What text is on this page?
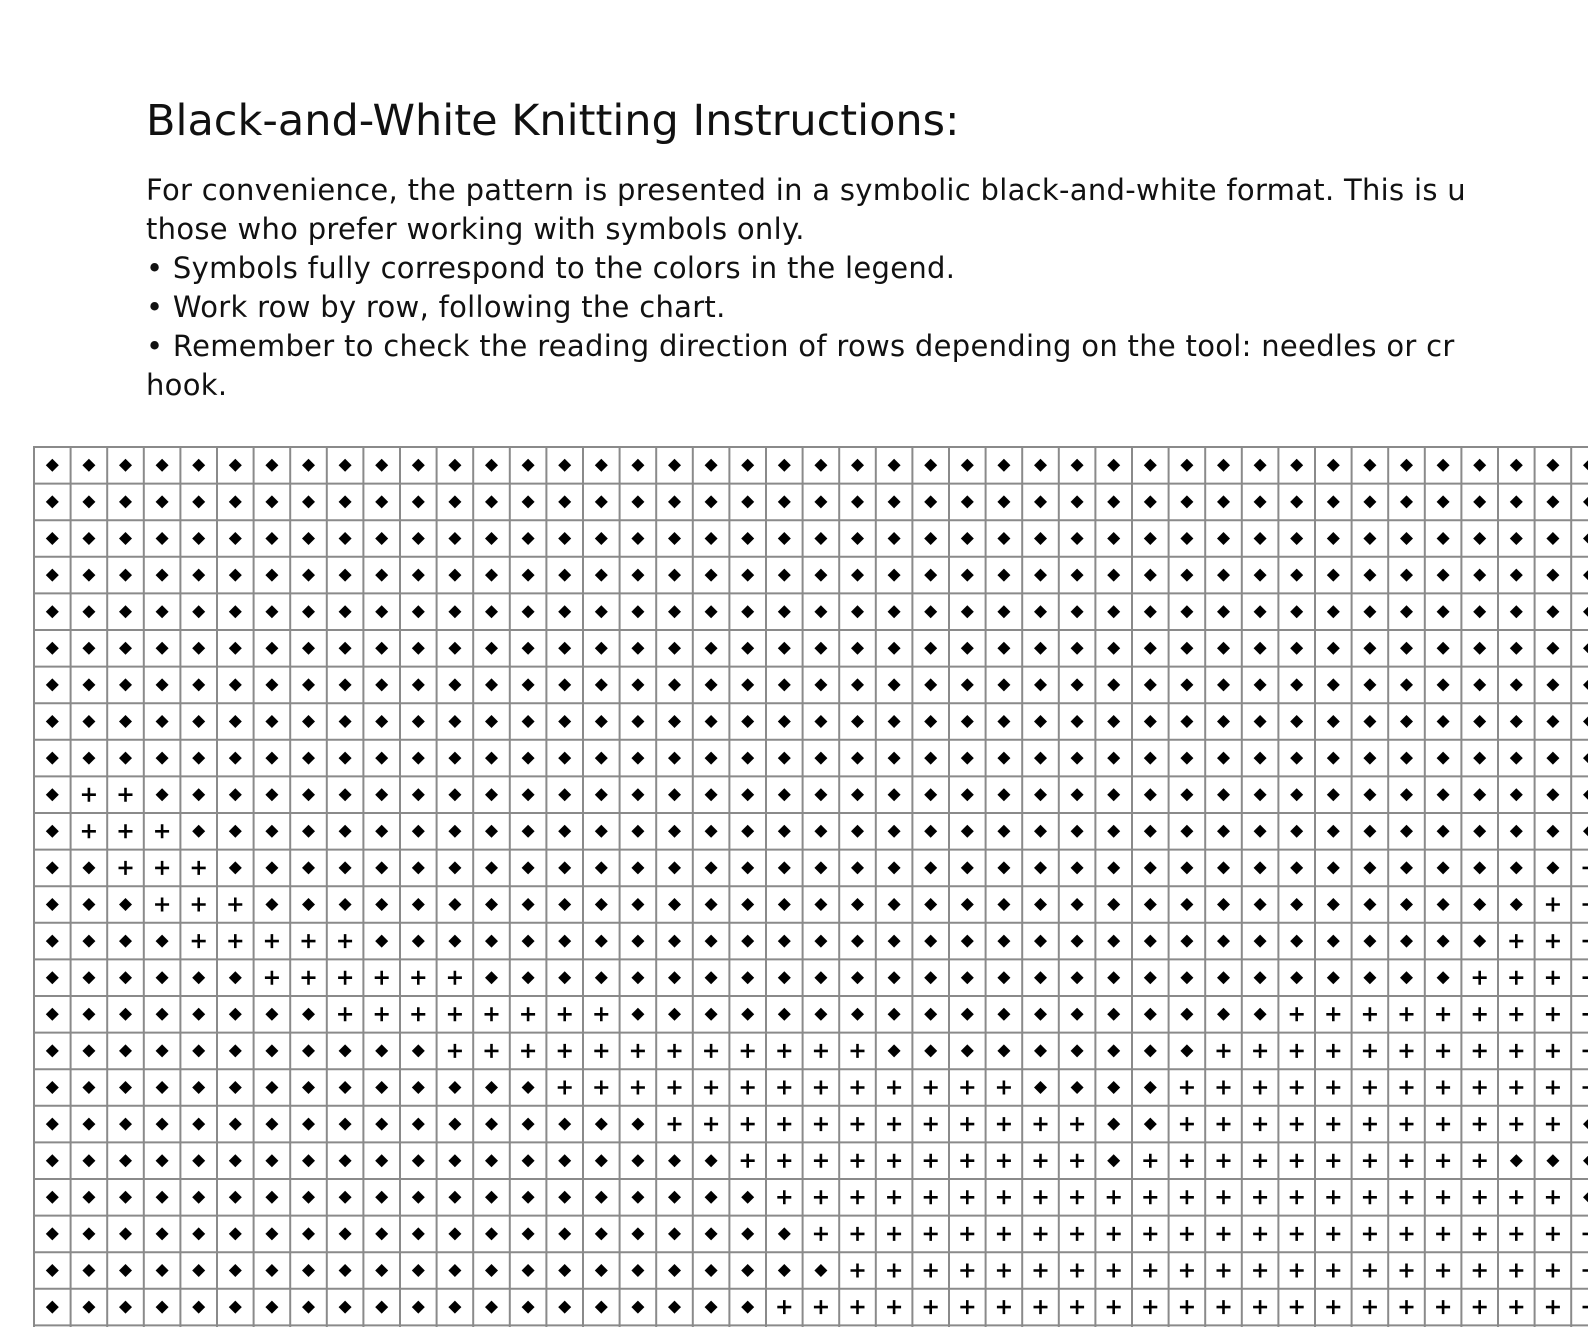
Black-and-White Knitting Instructions:

For convenience, the pattern is presented in a symbolic black-and-white format. This is u
those who prefer working with symbols only.
• Symbols fully correspond to the colors in the legend.
• Work row by row, following the chart.
• Remember to check the reading direction of rows depending on the tool: needles or cr
hook.
